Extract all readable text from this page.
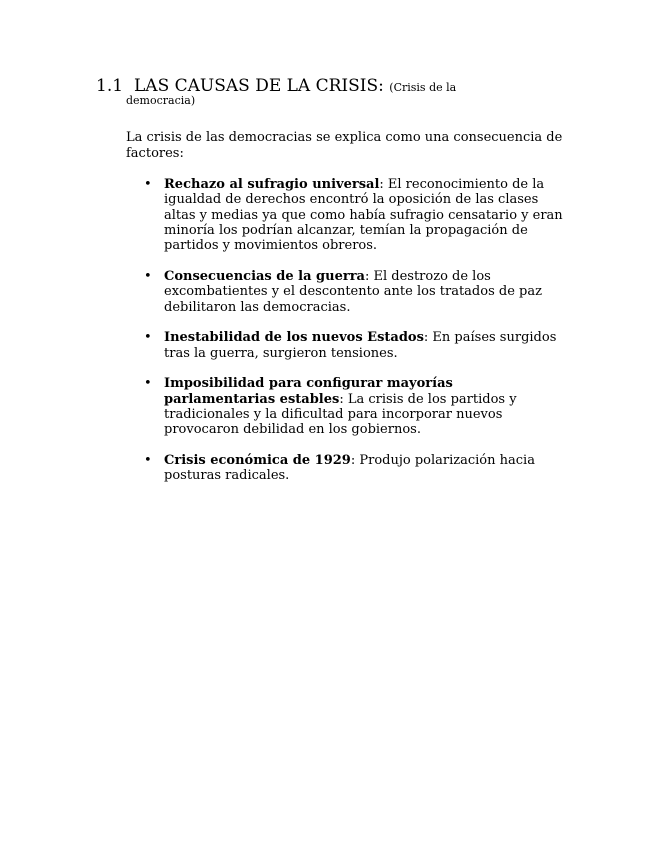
1.1 LAS CAUSAS DE LA CRISIS: (Crisis de la
democracia)

La crisis de las democracias se explica como una consecuencia de factores:

• Rechazo al sufragio universal: El reconocimiento de la igualdad de derechos encontró la oposición de las clases altas y medias ya que como había sufragio censatario y eran minoría los podrían alcanzar, temían la propagación de partidos y movimientos obreros.
• Consecuencias de la guerra: El destrozo de los excombatientes y el descontento ante los tratados de paz debilitaron las democracias.
• Inestabilidad de los nuevos Estados: En países surgidos tras la guerra, surgieron tensiones.
• Imposibilidad para configurar mayorías parlamentarias estables: La crisis de los partidos y tradicionales y la dificultad para incorporar nuevos provocaron debilidad en los gobiernos.
• Crisis económica de 1929: Produjo polarización hacia posturas radicales.
